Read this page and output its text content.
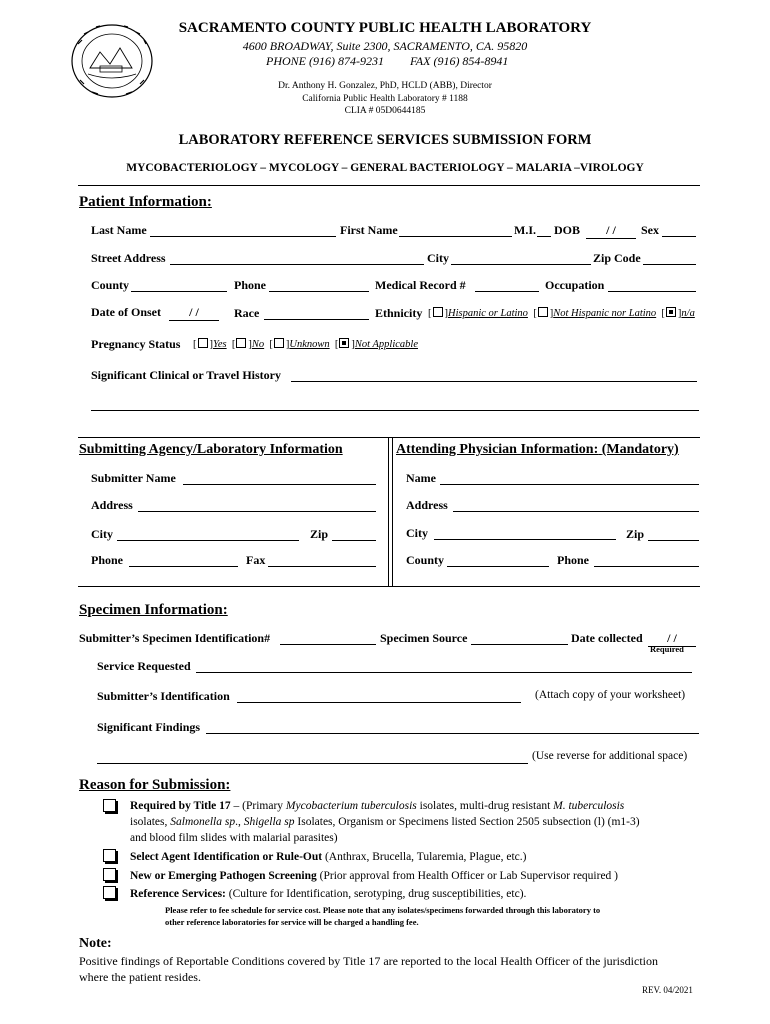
SACRAMENTO COUNTY PUBLIC HEALTH LABORATORY
4600 BROADWAY, Suite 2300, SACRAMENTO, CA. 95820
PHONE (916) 874-9231 FAX (916) 854-8941
Dr. Anthony H. Gonzalez, PhD, HCLD (ABB), Director
California Public Health Laboratory # 1188
CLIA # 05D0644185
LABORATORY REFERENCE SERVICES SUBMISSION FORM
MYCOBACTERIOLOGY – MYCOLOGY – GENERAL BACTERIOLOGY – MALARIA –VIROLOGY
Patient Information:
Last Name	First Name	M.I. DOB	/ /	Sex
Street Address	City	Zip Code
County	Phone	Medical Record #	Occupation
Date of Onset	/ /	Race	Ethnicity [ ]Hispanic or Latino  [ ]Not Hispanic nor Latino  [ ]n/a
Pregnancy Status [ ]Yes  [ ]No  [ ]Unknown  [ ]Not Applicable
Significant Clinical or Travel History
Submitting Agency/Laboratory Information	Attending Physician Information: (Mandatory)
Submitter Name
Address
City	Zip
Phone	Fax
Name
Address
City	Zip
County	Phone
Specimen Information:
Submitter’s Specimen Identification#	Specimen Source	Date collected	/ /
Required
Service Requested
Submitter’s Identification	(Attach copy of your worksheet)
Significant Findings
(Use reverse for additional space)
Reason for Submission:
Required by Title 17 – (Primary Mycobacterium tuberculosis isolates, multi-drug resistant M. tuberculosis
isolates, Salmonella sp., Shigella sp Isolates, Organism or Specimens listed Section 2505 subsection (l) (m1-3)
and blood film slides with malarial parasites)
Select Agent Identification or Rule-Out (Anthrax, Brucella, Tularemia, Plague, etc.)
New or Emerging Pathogen Screening (Prior approval from Health Officer or Lab Supervisor required )
Reference Services: (Culture for Identification, serotyping, drug susceptibilities, etc).
Please refer to fee schedule for service cost. Please note that any isolates/specimens forwarded through this laboratory to
other reference laboratories for service will be charged a handling fee.
Note:
Positive findings of Reportable Conditions covered by Title 17 are reported to the local Health Officer of the jurisdiction
where the patient resides.
REV. 04/2021
